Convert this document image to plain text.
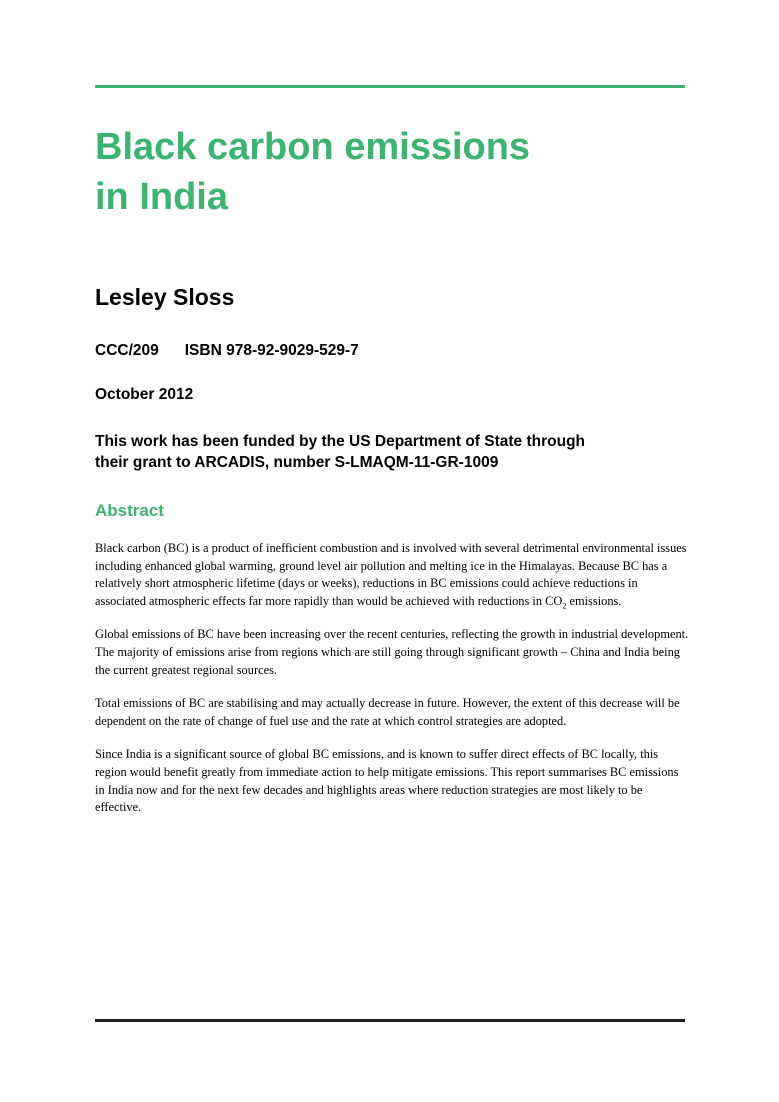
Black carbon emissions
in India
Lesley Sloss
CCC/209 ISBN 978-92-9029-529-7
October 2012
This work has been funded by the US Department of State through
their grant to ARCADIS, number S-LMAQM-11-GR-1009
Abstract

Black carbon (BC) is a product of inefficient combustion and is involved with several detrimental environmental issues including enhanced global warming, ground level air pollution and melting ice in the Himalayas. Because BC has a relatively short atmospheric lifetime (days or weeks), reductions in BC emissions could achieve reductions in associated atmospheric effects far more rapidly than would be achieved with reductions in $CO_2$ emissions.

Global emissions of BC have been increasing over the recent centuries, reflecting the growth in industrial development. The majority of emissions arise from regions which are still going through significant growth – China and India being the current greatest regional sources.

Total emissions of BC are stabilising and may actually decrease in future. However, the extent of this decrease will be dependent on the rate of change of fuel use and the rate at which control strategies are adopted.

Since India is a significant source of global BC emissions, and is known to suffer direct effects of BC locally, this region would benefit greatly from immediate action to help mitigate emissions. This report summarises BC emissions in India now and for the next few decades and highlights areas where reduction strategies are most likely to be effective.
